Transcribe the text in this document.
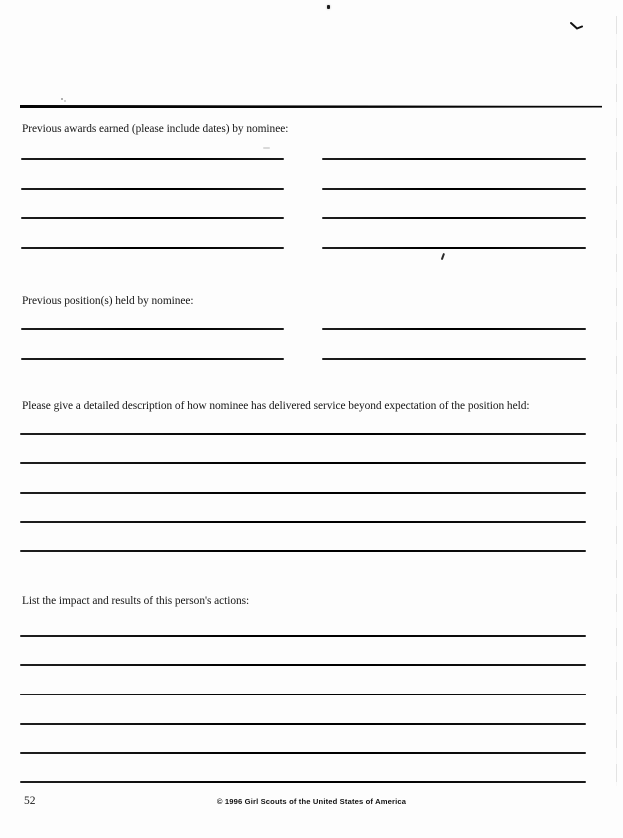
Previous awards earned (please include dates) by nominee:
Previous position(s) held by nominee:
Please give a detailed description of how nominee has delivered service beyond expectation of the position held:
List the impact and results of this person's actions:
52	© 1996 Girl Scouts of the United States of America
